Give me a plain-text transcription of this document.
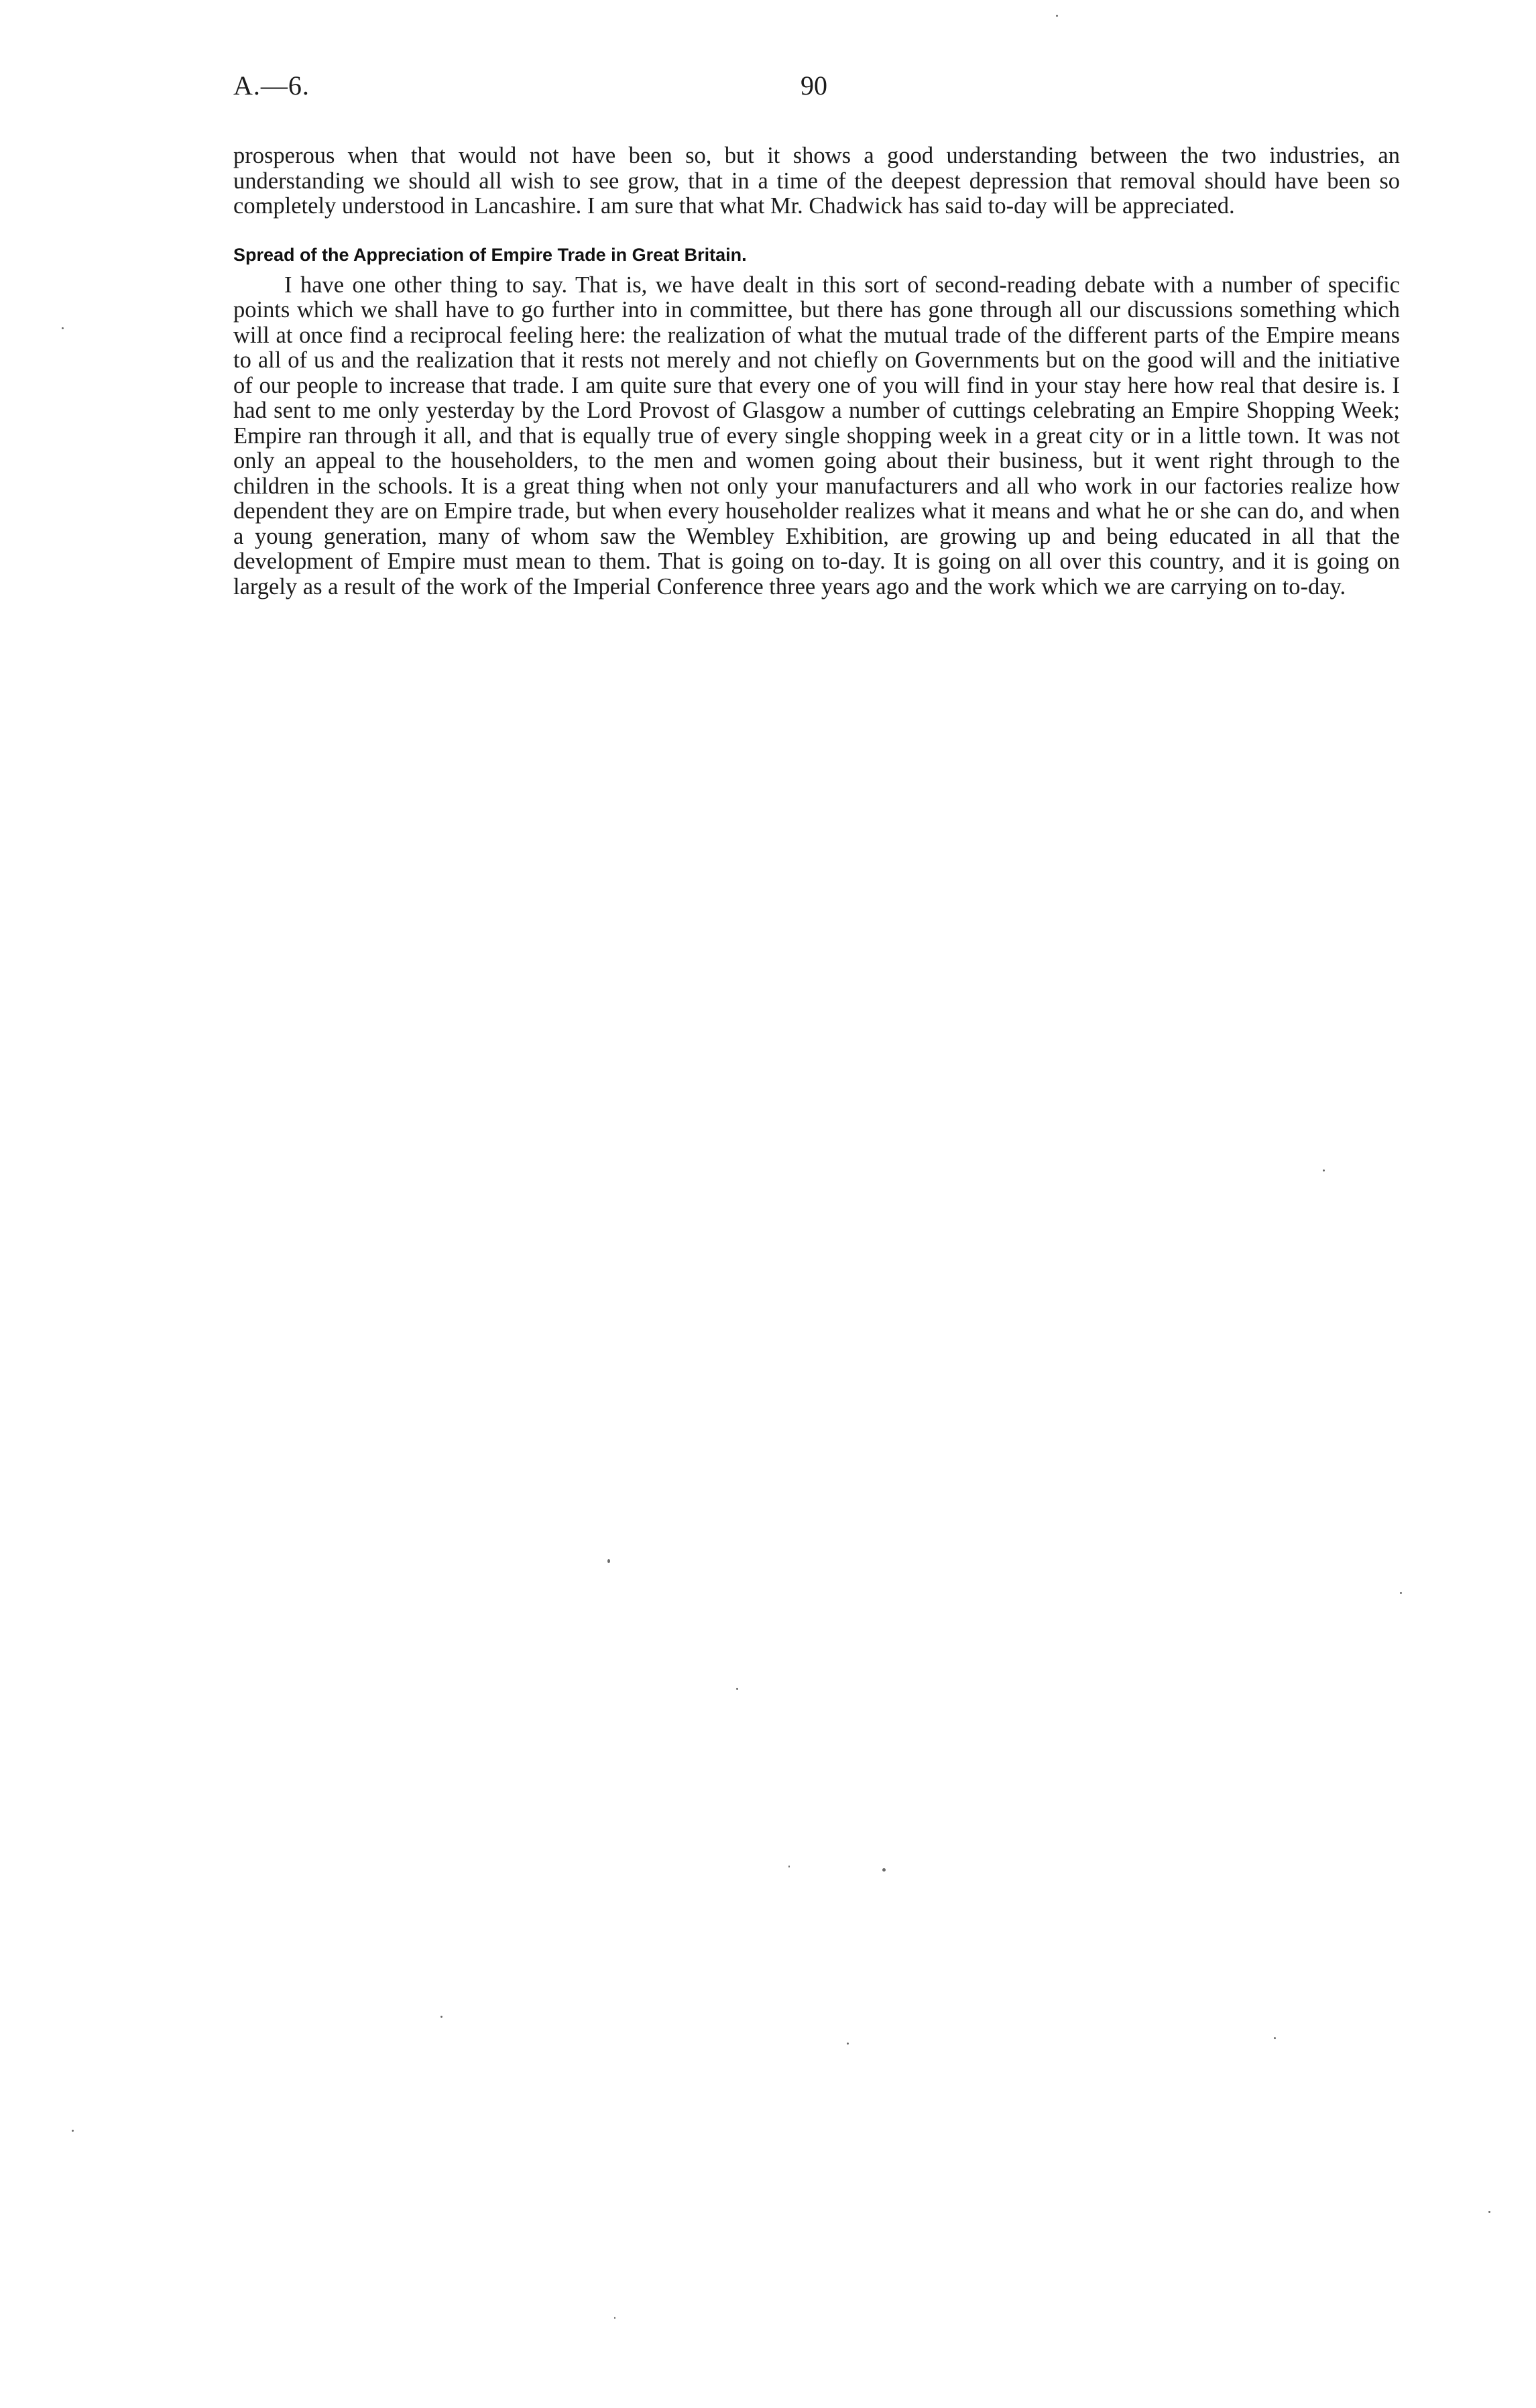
A.—6.	90

prosperous when that would not have been so, but it shows a good understanding between the two industries, an understanding we should all wish to see grow, that in a time of the deepest depression that removal should have been so completely understood in Lancashire. I am sure that what Mr. Chadwick has said to-day will be appreciated.

Spread of the Appreciation of Empire Trade in Great Britain.

I have one other thing to say. That is, we have dealt in this sort of second-reading debate with a number of specific points which we shall have to go further into in committee, but there has gone through all our discussions something which will at once find a reciprocal feeling here: the realization of what the mutual trade of the different parts of the Empire means to all of us and the realization that it rests not merely and not chiefly on Governments but on the good will and the initiative of our people to increase that trade. I am quite sure that every one of you will find in your stay here how real that desire is. I had sent to me only yesterday by the Lord Provost of Glasgow a number of cuttings celebrating an Empire Shopping Week; Empire ran through it all, and that is equally true of every single shopping week in a great city or in a little town. It was not only an appeal to the householders, to the men and women going about their business, but it went right through to the children in the schools. It is a great thing when not only your manufacturers and all who work in our factories realize how dependent they are on Empire trade, but when every householder realizes what it means and what he or she can do, and when a young generation, many of whom saw the Wembley Exhibition, are growing up and being educated in all that the development of Empire must mean to them. That is going on to-day. It is going on all over this country, and it is going on largely as a result of the work of the Imperial Conference three years ago and the work which we are carrying on to-day.
